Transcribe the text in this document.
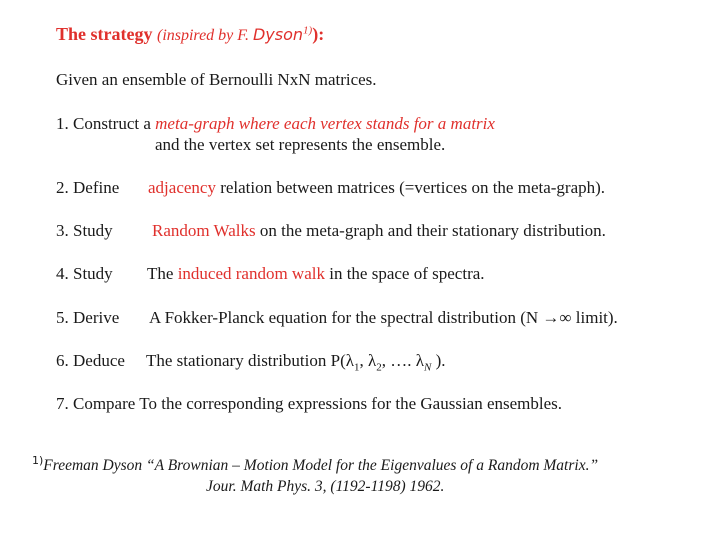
The strategy (inspired by F. Dyson$^{1)}$):
Given an ensemble of Bernoulli NxN matrices.
1. Construct a meta-graph where each vertex stands for a matrix
and the vertex set represents the ensemble.
2. Define adjacency relation between matrices (=vertices on the meta-graph).
3. Study Random Walks on the meta-graph and their stationary distribution.
4. Study The induced random walk in the space of spectra.
5. Derive A Fokker-Planck equation for the spectral distribution (N →∞ limit).
6. Deduce The stationary distribution $P(\lambda_1$, $\lambda_2$, …. $\lambda_N$ ).
7. Compare To the corresponding expressions for the Gaussian ensembles.
$^{1)}$Freeman Dyson “A Brownian – Motion Model for the Eigenvalues of a Random Matrix.”
Jour. Math Phys. 3, (1192-1198) 1962.
